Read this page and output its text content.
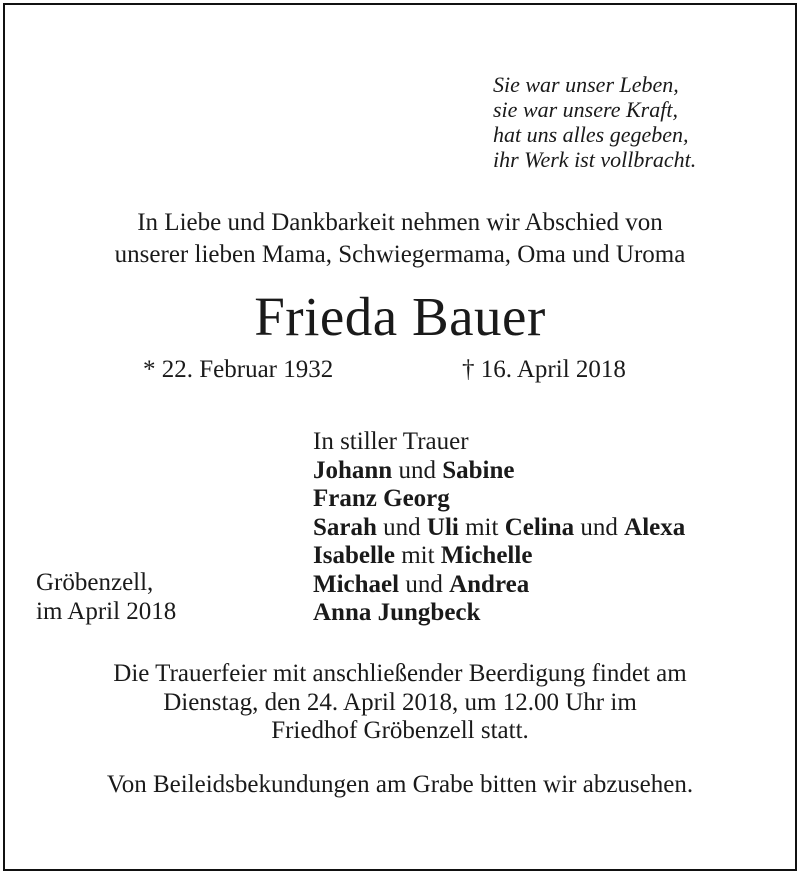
Sie war unser Leben,
sie war unsere Kraft,
hat uns alles gegeben,
ihr Werk ist vollbracht.
In Liebe und Dankbarkeit nehmen wir Abschied von
unserer lieben Mama, Schwiegermama, Oma und Uroma
Frieda Bauer
* 22. Februar 1932	† 16. April 2018
In stiller Trauer
Johann und Sabine
Franz Georg
Sarah und Uli mit Celina und Alexa
Isabelle mit Michelle
Michael und Andrea
Anna Jungbeck
Gröbenzell,
im April 2018
Die Trauerfeier mit anschließender Beerdigung findet am
Dienstag, den 24. April 2018, um 12.00 Uhr im
Friedhof Gröbenzell statt.
Von Beileidsbekundungen am Grabe bitten wir abzusehen.
